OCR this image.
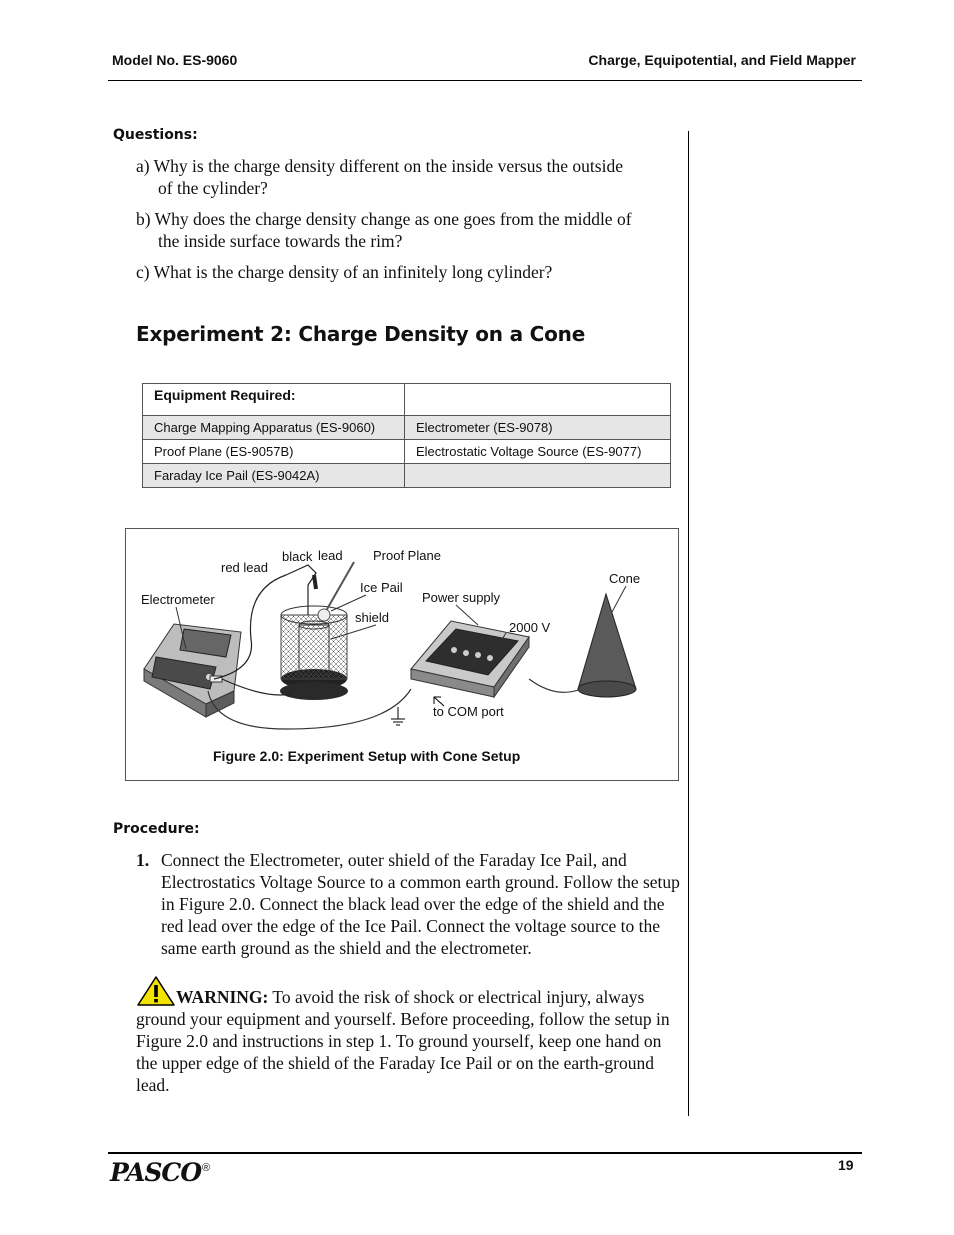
Model No. ES-9060	Charge, Equipotential, and Field Mapper
Questions:
a) Why is the charge density different on the inside versus the outside
of the cylinder?
b) Why does the charge density change as one goes from the middle of
the inside surface towards the rim?
c) What is the charge density of an infinitely long cylinder?
Experiment 2: Charge Density on a Cone
Equipment Required:	
Charge Mapping Apparatus (ES-9060)	Electrometer (ES-9078)
Proof Plane (ES-9057B)	Electrostatic Voltage Source (ES-9077)
Faraday Ice Pail (ES-9042A)	
black lead Proof Plane
red lead
Ice Pail
Cone
Electrometer	Power supply
shield
2000 V
to COM port
Figure 2.0: Experiment Setup with Cone Setup
Procedure:
1. Connect the Electrometer, outer shield of the Faraday Ice Pail, and Electrostatics Voltage Source to a common earth ground. Follow the setup in Figure 2.0. Connect the black lead over the edge of the shield and the red lead over the edge of the Ice Pail. Connect the voltage source to the same earth ground as the shield and the electrometer.
WARNING: To avoid the risk of shock or electrical injury, always ground your equipment and yourself. Before proceeding, follow the setup in Figure 2.0 and instructions in step 1. To ground yourself, keep one hand on the upper edge of the shield of the Faraday Ice Pail or on the earth-ground lead.
PASCO ®	19
